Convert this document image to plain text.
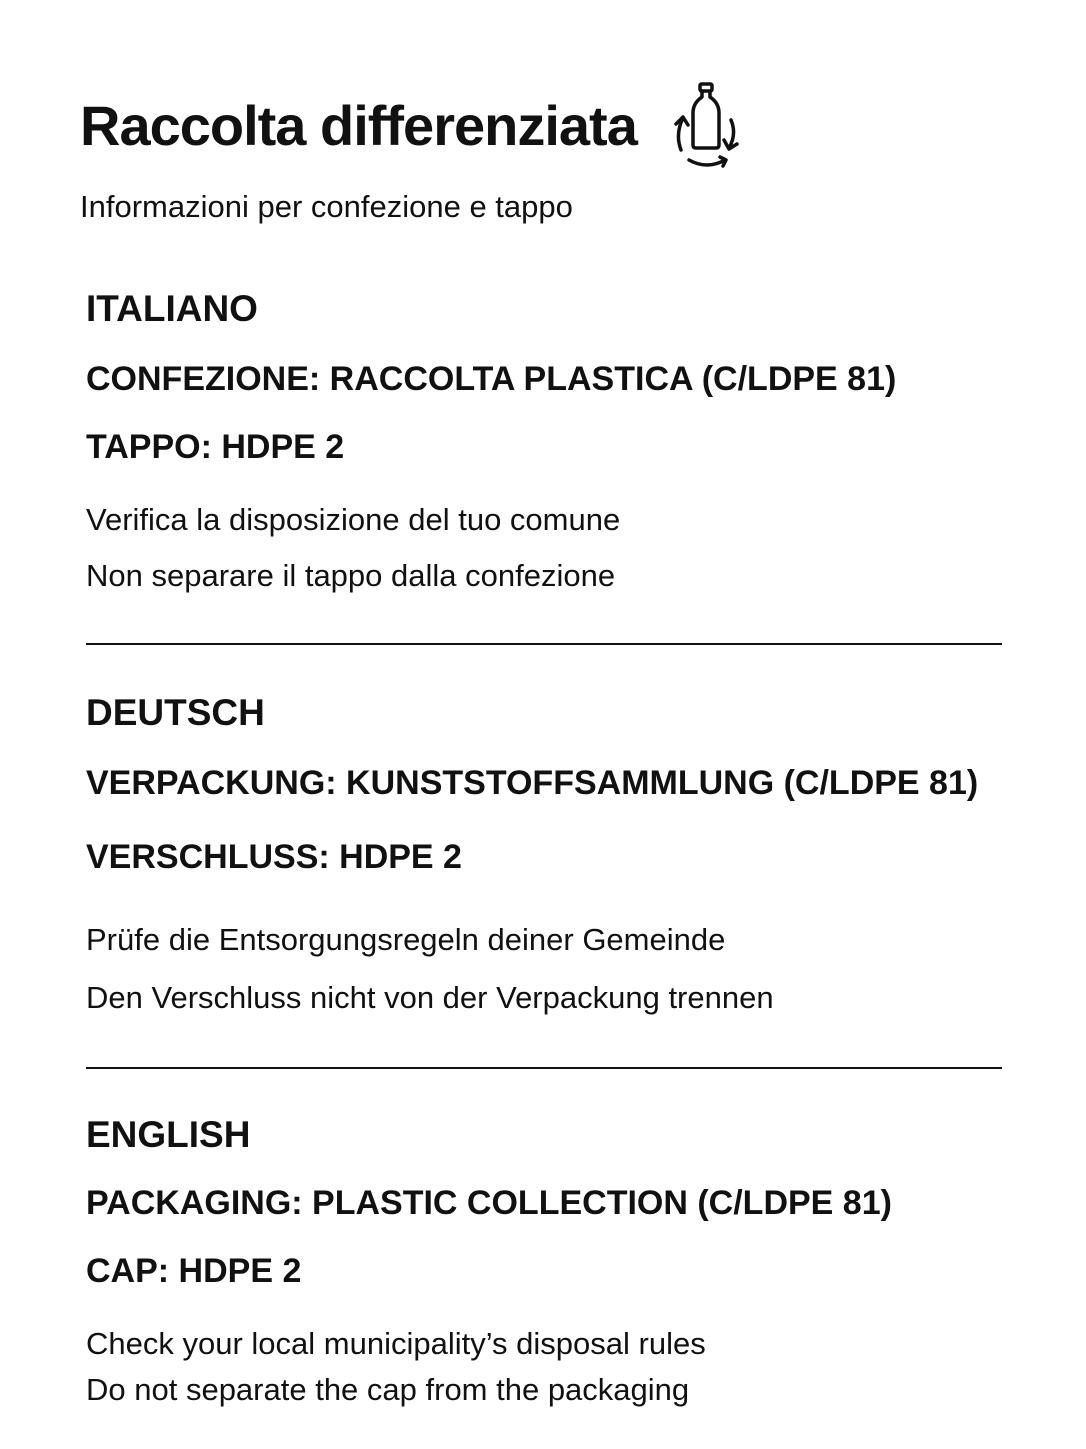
Raccolta differenziata
Informazioni per confezione e tappo
ITALIANO
CONFEZIONE: RACCOLTA PLASTICA (C/LDPE 81)
TAPPO: HDPE 2
Verifica la disposizione del tuo comune
Non separare il tappo dalla confezione
DEUTSCH
VERPACKUNG: KUNSTSTOFFSAMMLUNG (C/LDPE 81)
VERSCHLUSS: HDPE 2
Prüfe die Entsorgungsregeln deiner Gemeinde
Den Verschluss nicht von der Verpackung trennen
ENGLISH
PACKAGING: PLASTIC COLLECTION (C/LDPE 81)
CAP: HDPE 2
Check your local municipality’s disposal rules
Do not separate the cap from the packaging
